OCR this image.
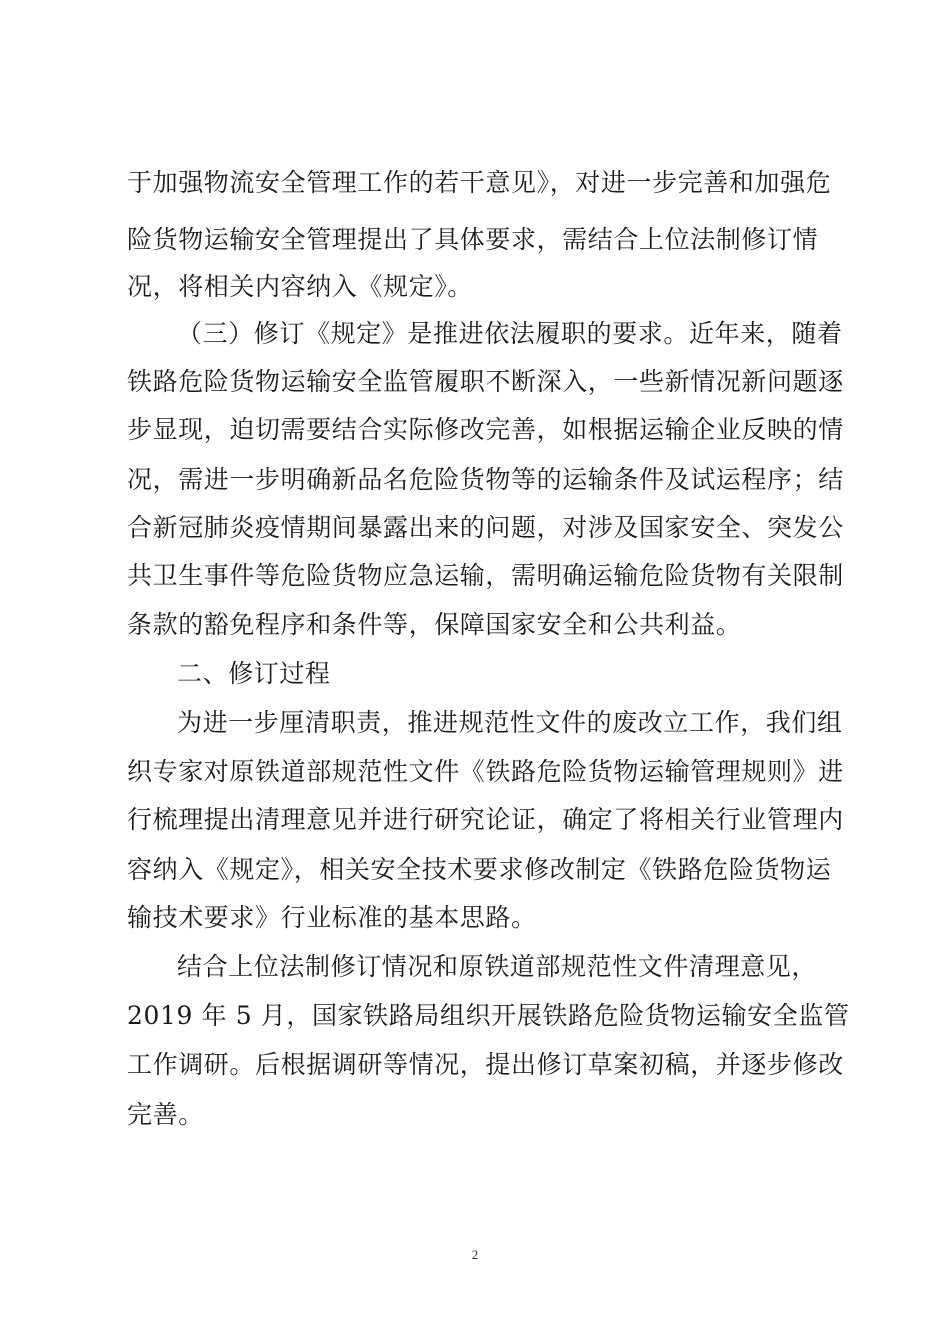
于加强物流安全管理工作的若干意见》，对进一步完善和加强危
险货物运输安全管理提出了具体要求，需结合上位法制修订情
况，将相关内容纳入《规定》。
（三）修订《规定》是推进依法履职的要求。近年来，随着
铁路危险货物运输安全监管履职不断深入，一些新情况新问题逐
步显现，迫切需要结合实际修改完善，如根据运输企业反映的情
况，需进一步明确新品名危险货物等的运输条件及试运程序；结
合新冠肺炎疫情期间暴露出来的问题，对涉及国家安全、突发公
共卫生事件等危险货物应急运输，需明确运输危险货物有关限制
条款的豁免程序和条件等，保障国家安全和公共利益。
二、修订过程
为进一步厘清职责，推进规范性文件的废改立工作，我们组
织专家对原铁道部规范性文件《铁路危险货物运输管理规则》进
行梳理提出清理意见并进行研究论证，确定了将相关行业管理内
容纳入《规定》，相关安全技术要求修改制定《铁路危险货物运
输技术要求》行业标准的基本思路。
结合上位法制修订情况和原铁道部规范性文件清理意见，
2019 年 5 月，国家铁路局组织开展铁路危险货物运输安全监管
工作调研。后根据调研等情况，提出修订草案初稿，并逐步修改
完善。
2
